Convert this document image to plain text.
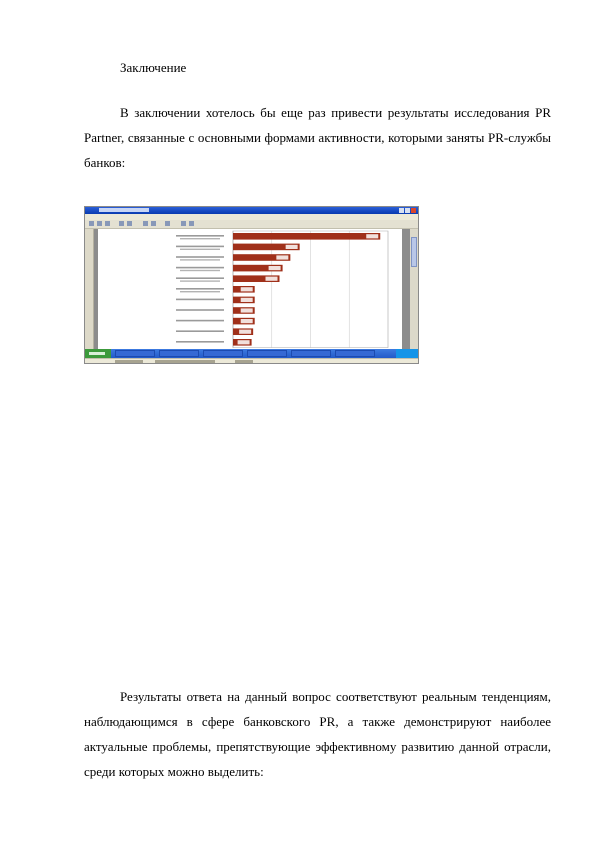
Заключение
В заключении хотелось бы еще раз привести результаты исследования PR Partner, связанные с основными формами активности, которыми заняты PR-службы банков:
Результаты ответа на данный вопрос соответствуют реальным тенденциям, наблюдающимся в сфере банковского PR, а также демонстрируют наиболее актуальные проблемы, препятствующие эффективному развитию данной отрасли, среди которых можно выделить:
